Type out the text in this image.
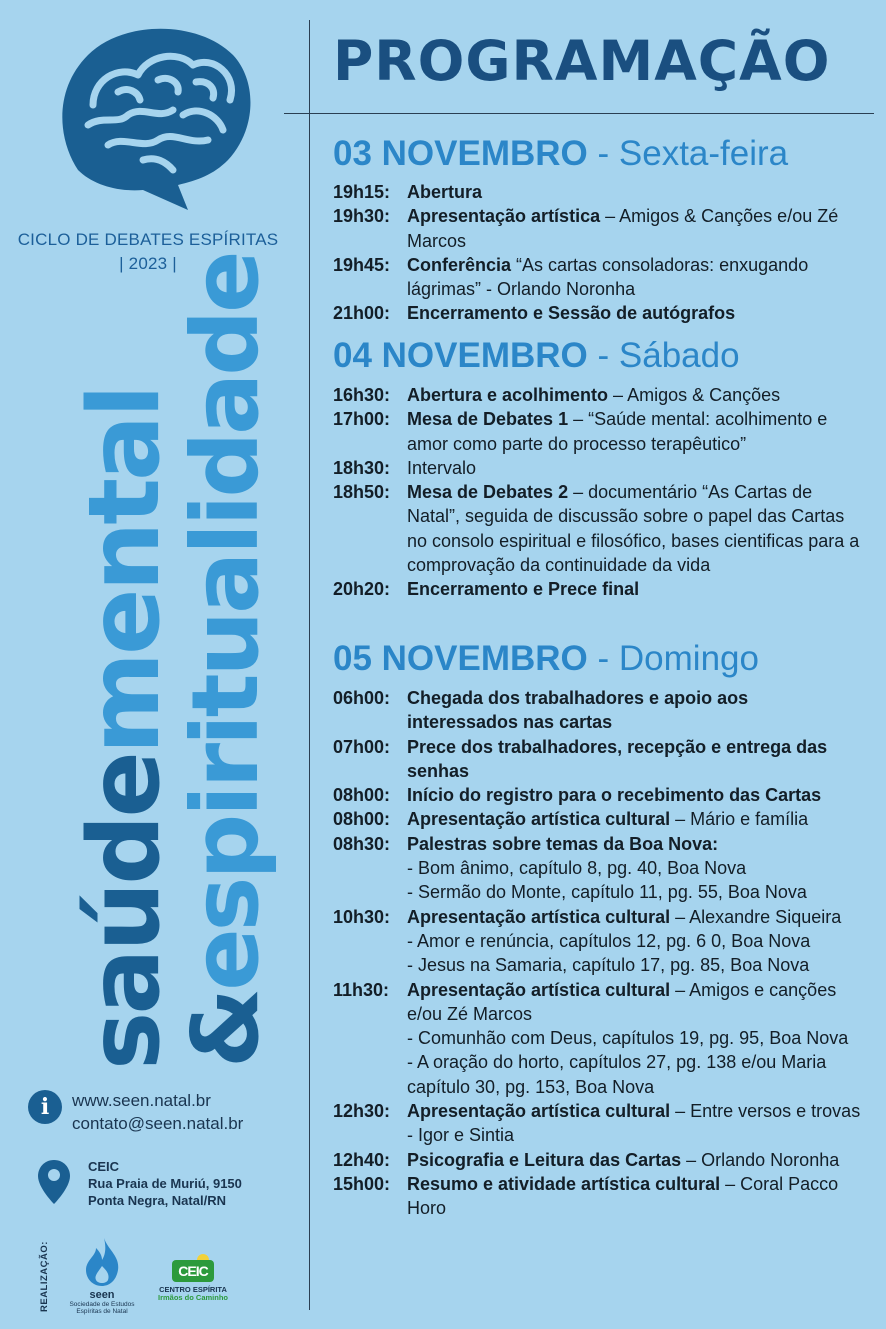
CICLO DE DEBATES ESPÍRITAS
| 2023 |
saúdemental
&espiritualidade
i	www.seen.natal.br
contato@seen.natal.br
CEIC
Rua Praia de Muriú, 9150
Ponta Negra, Natal/RN
REALIZAÇÃO:	seen
Sociedade de Estudos
Espíritas de Natal
CEIC
CENTRO ESPÍRITA
Irmãos do Caminho
PROGRAMAÇÃO
03 NOVEMBRO - Sexta-feira
19h15: Abertura
19h30: Apresentação artística – Amigos & Canções e/ou Zé Marcos
19h45: Conferência “As cartas consoladoras: enxugando lágrimas” - Orlando Noronha
21h00: Encerramento e Sessão de autógrafos
04 NOVEMBRO - Sábado
16h30: Abertura e acolhimento – Amigos & Canções
17h00: Mesa de Debates 1 – “Saúde mental: acolhimento e amor como parte do processo terapêutico”
18h30: Intervalo
18h50: Mesa de Debates 2 – documentário “As Cartas de Natal”, seguida de discussão sobre o papel das Cartas no consolo espiritual e filosófico, bases cientificas para a comprovação da continuidade da vida
20h20: Encerramento e Prece final
05 NOVEMBRO - Domingo
06h00: Chegada dos trabalhadores e apoio aos interessados nas cartas
07h00: Prece dos trabalhadores, recepção e entrega das senhas
08h00: Início do registro para o recebimento das Cartas
08h00: Apresentação artística cultural – Mário e família
08h30: Palestras sobre temas da Boa Nova:
- Bom ânimo, capítulo 8, pg. 40, Boa Nova
- Sermão do Monte, capítulo 11, pg. 55, Boa Nova
10h30: Apresentação artística cultural – Alexandre Siqueira
- Amor e renúncia, capítulos 12, pg. 6 0, Boa Nova
- Jesus na Samaria, capítulo 17, pg. 85, Boa Nova
11h30: Apresentação artística cultural – Amigos e canções e/ou Zé Marcos
- Comunhão com Deus, capítulos 19, pg. 95, Boa Nova
- A oração do horto, capítulos 27, pg. 138 e/ou Maria capítulo 30, pg. 153, Boa Nova
12h30: Apresentação artística cultural – Entre versos e trovas - Igor e Sintia
12h40: Psicografia e Leitura das Cartas – Orlando Noronha
15h00: Resumo e atividade artística cultural – Coral Pacco Horo
